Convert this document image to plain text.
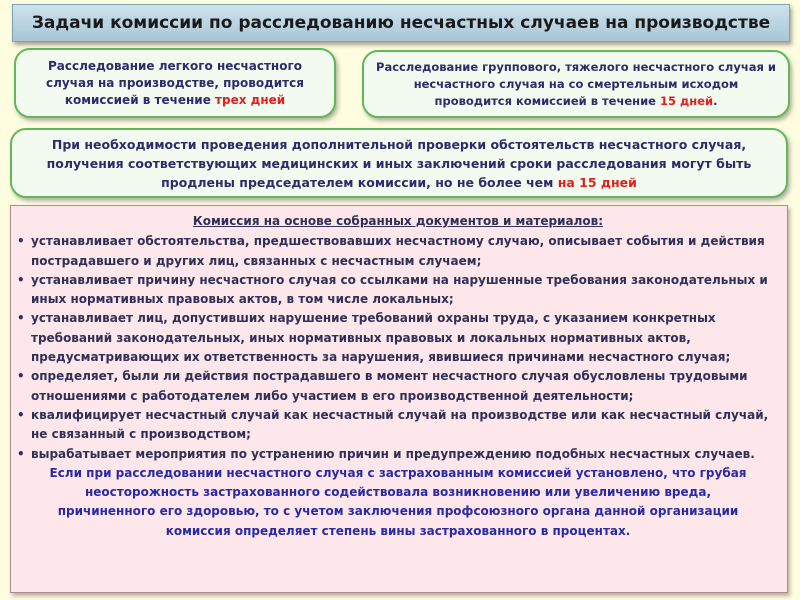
Задачи комиссии по расследованию несчастных случаев на производстве
Расследование легкого несчастного случая на производстве, проводится комиссией в течение трех дней
Расследование группового, тяжелого несчастного случая и несчастного случая на со смертельным исходом проводится комиссией в течение 15 дней.
При необходимости проведения дополнительной проверки обстоятельств несчастного случая, получения соответствующих медицинских и иных заключений сроки расследования могут быть продлены председателем комиссии, но не более чем на 15 дней
Комиссия на основе собранных документов и материалов:
• устанавливает обстоятельства, предшествовавших несчастному случаю, описывает события и действия пострадавшего и других лиц, связанных с несчастным случаем;
• устанавливает причину несчастного случая со ссылками на нарушенные требования законодательных и иных нормативных правовых актов, в том числе локальных;
• устанавливает лиц, допустивших нарушение требований охраны труда, с указанием конкретных требований законодательных, иных нормативных правовых и локальных нормативных актов, предусматривающих их ответственность за нарушения, явившиеся причинами несчастного случая;
• определяет, были ли действия пострадавшего в момент несчастного случая обусловлены трудовыми отношениями с работодателем либо участием в его производственной деятельности;
• квалифицирует несчастный случай как несчастный случай на производстве или как несчастный случай, не связанный с производством;
• вырабатывает мероприятия по устранению причин и предупреждению подобных несчастных случаев.
Если при расследовании несчастного случая с застрахованным комиссией установлено, что грубая неосторожность застрахованного содействовала возникновению или увеличению вреда, причиненного его здоровью, то с учетом заключения профсоюзного органа данной организации комиссия определяет степень вины застрахованного в процентах.
